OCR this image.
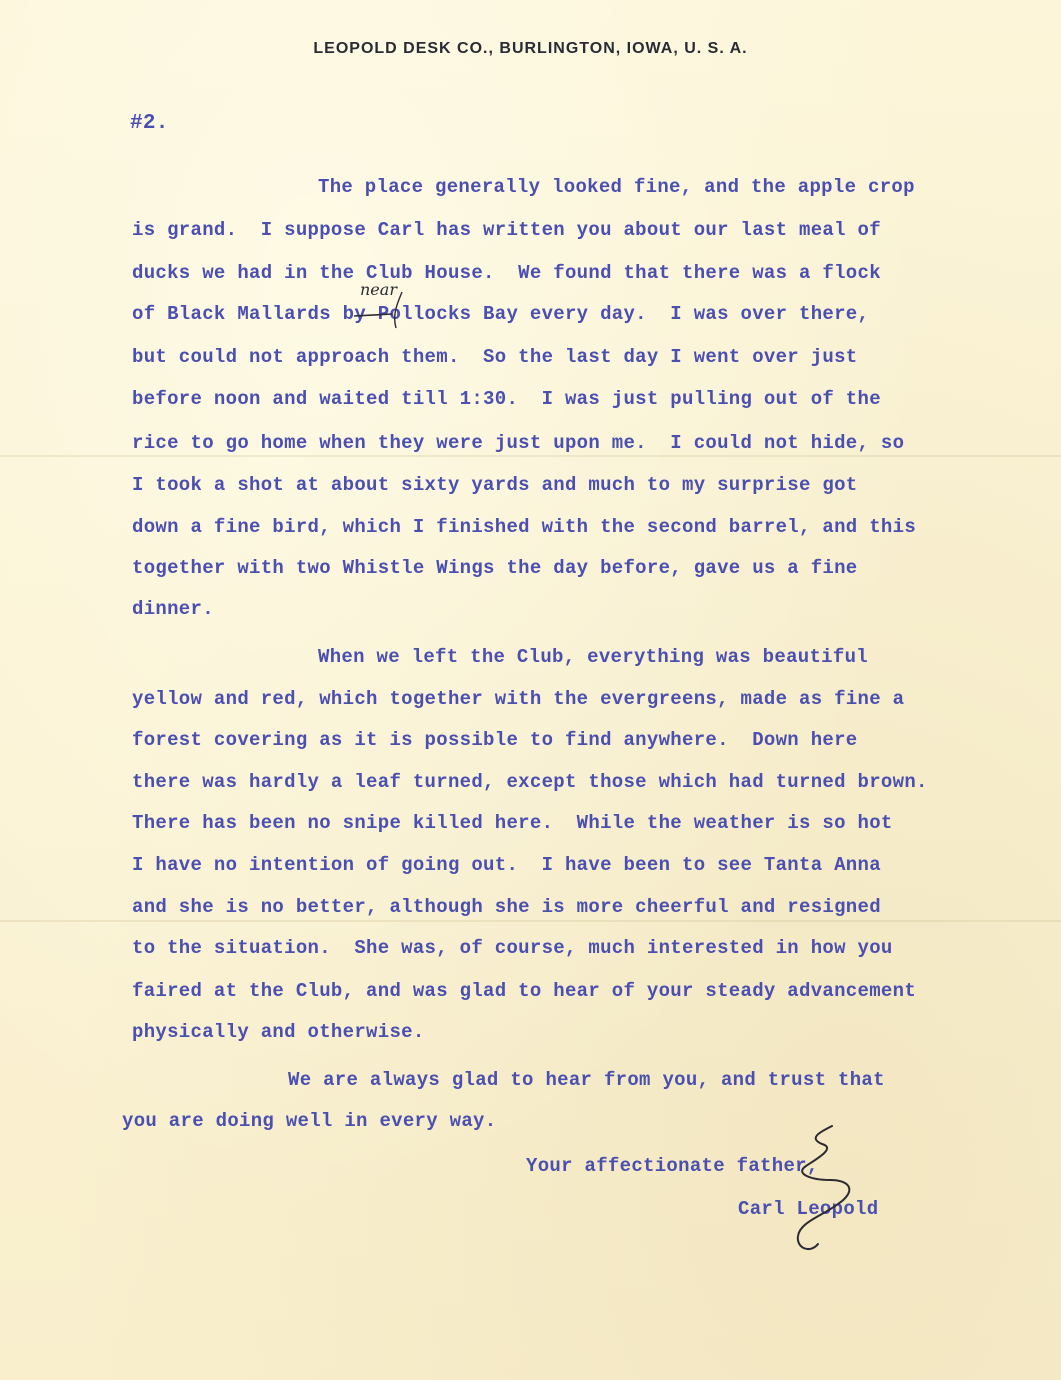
LEOPOLD DESK CO., BURLINGTON, IOWA, U. S. A.
#2.
The place generally looked fine, and the apple crop
is grand.  I suppose Carl has written you about our last meal of
ducks we had in the Club House.  We found that there was a flock
of Black Mallards by Pollocks Bay every day.  I was over there,
but could not approach them.  So the last day I went over just
before noon and waited till 1:30.  I was just pulling out of the
rice to go home when they were just upon me.  I could not hide, so
I took a shot at about sixty yards and much to my surprise got
down a fine bird, which I finished with the second barrel, and this
together with two Whistle Wings the day before, gave us a fine
dinner.
When we left the Club, everything was beautiful
yellow and red, which together with the evergreens, made as fine a
forest covering as it is possible to find anywhere.  Down here
there was hardly a leaf turned, except those which had turned brown.
There has been no snipe killed here.  While the weather is so hot
I have no intention of going out.  I have been to see Tanta Anna
and she is no better, although she is more cheerful and resigned
to the situation.  She was, of course, much interested in how you
faired at the Club, and was glad to hear of your steady advancement
physically and otherwise.
We are always glad to hear from you, and trust that
you are doing well in every way.
Your affectionate father,
Carl Leopold
near
